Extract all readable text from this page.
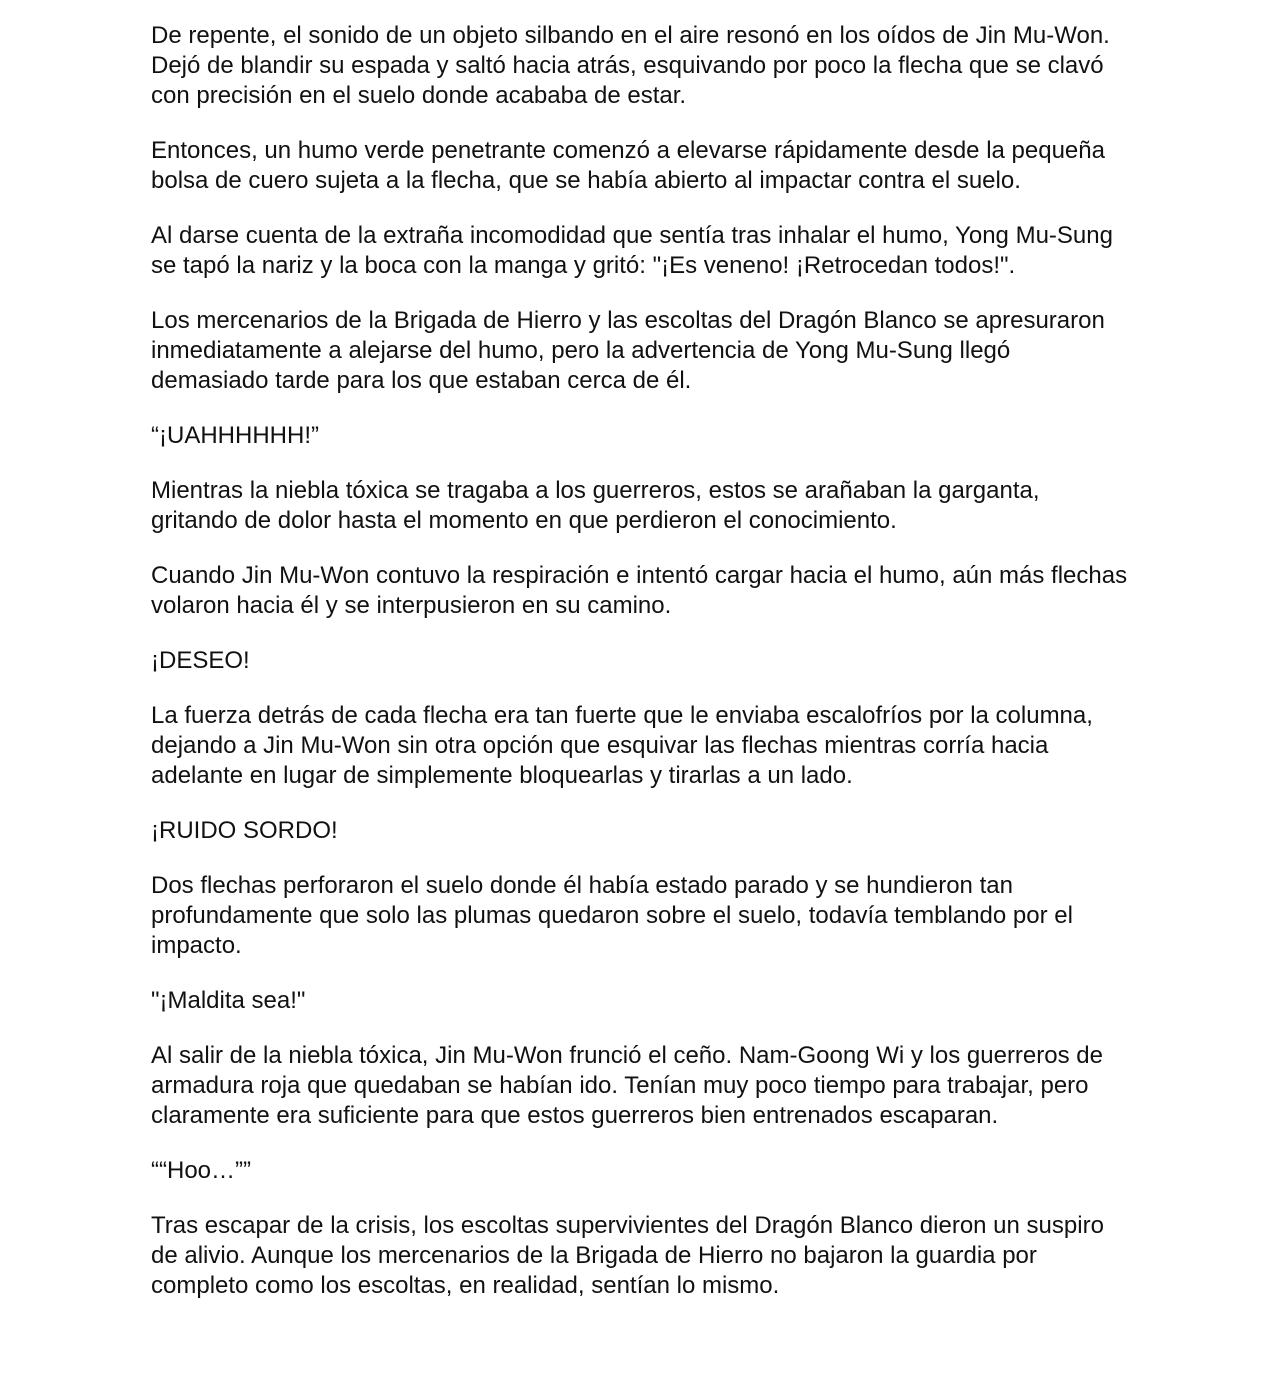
De repente, el sonido de un objeto silbando en el aire resonó en los oídos de Jin Mu-Won. Dejó de blandir su espada y saltó hacia atrás, esquivando por poco la flecha que se clavó con precisión en el suelo donde acababa de estar.

Entonces, un humo verde penetrante comenzó a elevarse rápidamente desde la pequeña bolsa de cuero sujeta a la flecha, que se había abierto al impactar contra el suelo.

Al darse cuenta de la extraña incomodidad que sentía tras inhalar el humo, Yong Mu-Sung se tapó la nariz y la boca con la manga y gritó: "¡Es veneno! ¡Retrocedan todos!".

Los mercenarios de la Brigada de Hierro y las escoltas del Dragón Blanco se apresuraron inmediatamente a alejarse del humo, pero la advertencia de Yong Mu-Sung llegó demasiado tarde para los que estaban cerca de él.

“¡UAHHHHHH!”

Mientras la niebla tóxica se tragaba a los guerreros, estos se arañaban la garganta, gritando de dolor hasta el momento en que perdieron el conocimiento.

Cuando Jin Mu-Won contuvo la respiración e intentó cargar hacia el humo, aún más flechas volaron hacia él y se interpusieron en su camino.

¡DESEO!

La fuerza detrás de cada flecha era tan fuerte que le enviaba escalofríos por la columna, dejando a Jin Mu-Won sin otra opción que esquivar las flechas mientras corría hacia adelante en lugar de simplemente bloquearlas y tirarlas a un lado.

¡RUIDO SORDO!

Dos flechas perforaron el suelo donde él había estado parado y se hundieron tan profundamente que solo las plumas quedaron sobre el suelo, todavía temblando por el impacto.

"¡Maldita sea!"

Al salir de la niebla tóxica, Jin Mu-Won frunció el ceño. Nam-Goong Wi y los guerreros de armadura roja que quedaban se habían ido. Tenían muy poco tiempo para trabajar, pero claramente era suficiente para que estos guerreros bien entrenados escaparan.

““Hoo…””

Tras escapar de la crisis, los escoltas supervivientes del Dragón Blanco dieron un suspiro de alivio. Aunque los mercenarios de la Brigada de Hierro no bajaron la guardia por completo como los escoltas, en realidad, sentían lo mismo.
